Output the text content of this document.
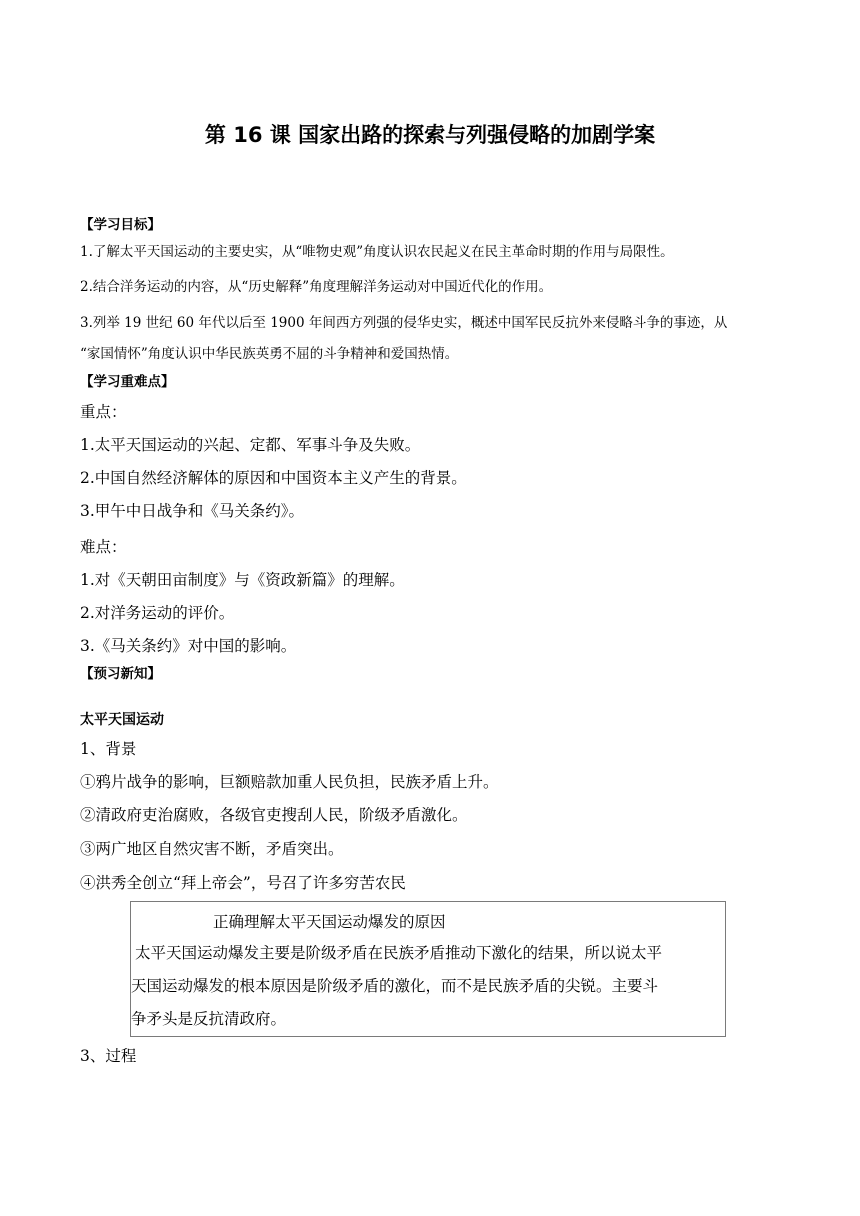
第 16 课 国家出路的探索与列强侵略的加剧学案
【学习目标】
1.了解太平天国运动的主要史实，从“唯物史观”角度认识农民起义在民主革命时期的作用与局限性。
2.结合洋务运动的内容，从“历史解释”角度理解洋务运动对中国近代化的作用。
3.列举 19 世纪 60 年代以后至 1900 年间西方列强的侵华史实，概述中国军民反抗外来侵略斗争的事迹，从
“家国情怀”角度认识中华民族英勇不屈的斗争精神和爱国热情。
【学习重难点】
重点：
1.太平天国运动的兴起、定都、军事斗争及失败。
2.中国自然经济解体的原因和中国资本主义产生的背景。
3.甲午中日战争和《马关条约》。
难点：
1.对《天朝田亩制度》与《资政新篇》的理解。
2.对洋务运动的评价。
3.《马关条约》对中国的影响。
【预习新知】
太平天国运动
1、背景
①鸦片战争的影响，巨额赔款加重人民负担，民族矛盾上升。
②清政府吏治腐败，各级官吏搜刮人民，阶级矛盾激化。
③两广地区自然灾害不断，矛盾突出。
④洪秀全创立“拜上帝会”，号召了许多穷苦农民
正确理解太平天国运动爆发的原因
太平天国运动爆发主要是阶级矛盾在民族矛盾推动下激化的结果，所以说太平
天国运动爆发的根本原因是阶级矛盾的激化，而不是民族矛盾的尖锐。主要斗
争矛头是反抗清政府。
3、过程
